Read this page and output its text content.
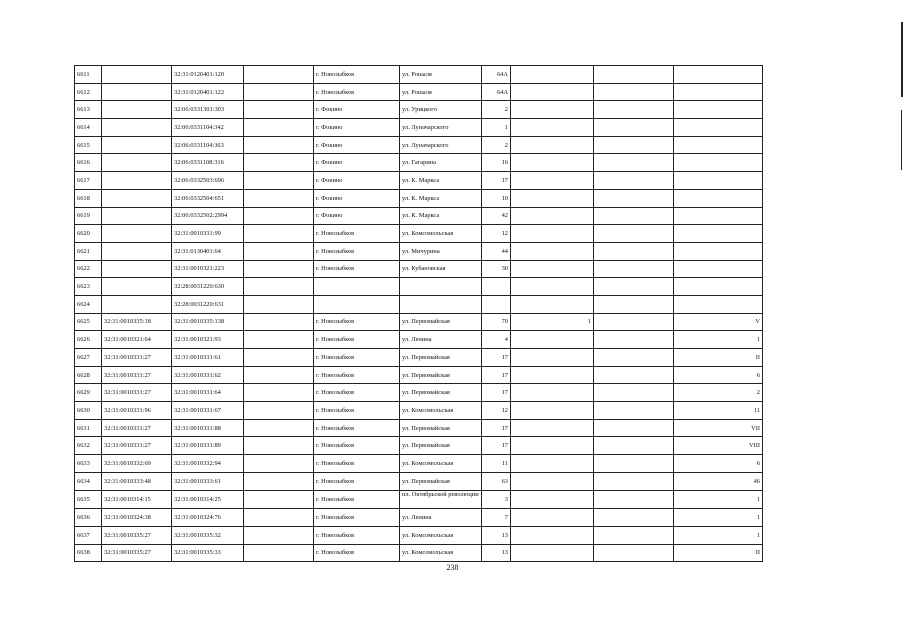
6611		32:31:0120401:120		г. Новозыбков	ул. Рошаля	64А			
6612		32:31:0120401:122		г. Новозыбков	ул. Рошаля	64А			
6613		32:06:0331301:303		г. Фокино	ул. Урицкого	2			
6614		32:06:0331104:342		г. Фокино	ул. Луначарского	1			
6615		32:06:0331104:363		г. Фокино	ул. Луначарского	2			
6616		32:06:0331108:316		г. Фокино	ул. Гагарина	16			
6617		32:06:0332503:696		г. Фокино	ул. К. Маркса	17			
6618		32:06:0332504:651		г. Фокино	ул. К. Маркса	10			
6619		32:06:0332502:2994		г. Фокино	ул. К. Маркса	42			
6620		32:31:0010331:99		г. Новозыбков	ул. Комсомольская	12			
6621		32:31:0130401:64		г. Новозыбков	ул. Мичурина	44			
6622		32:31:0010321:223		г. Новозыбков	ул. Кубановская	30			
6623		32:28:0031220:630							
6624		32:28:0031220:631							
6625	32:31:0010335:18	32:31:0010335:138		г. Новозыбков	ул. Первомайская	70	1		V
6626	32:31:0010321:64	32:31:0010321:93		г. Новозыбков	ул. Ленина	4			1
6627	32:31:0010331:27	32:31:0010331:61		г. Новозыбков	ул. Первомайская	17			II
6628	32:31:0010331:27	32:31:0010331:62		г. Новозыбков	ул. Первомайская	17			6
6629	32:31:0010331:27	32:31:0010331:64		г. Новозыбков	ул. Первомайская	17			2
6630	32:31:0010331:96	32:31:0010331:67		г. Новозыбков	ул. Комсомольская	12			11
6631	32:31:0010331:27	32:31:0010331:88		г. Новозыбков	ул. Первомайская	17			VII
6632	32:31:0010331:27	32:31:0010331:89		г. Новозыбков	ул. Первомайская	17			VIII
6633	32:31:0010332:69	32:31:0010332:94		г. Новозыбков	ул. Комсомольская	11			6
6634	32:31:0010333:48	32:31:0010333:61		г. Новозыбков	ул. Первомайская	63			46
6635	32:31:0010314:15	32:31:0010314:25		г. Новозыбков	пл. Октябрьской революции	3			1
6636	32:31:0010324:38	32:31:0010324:76		г. Новозыбков	ул. Ленина	7			1
6637	32:31:0010335:27	32:31:0010335:32		г. Новозыбков	ул. Комсомольская	13			1
6638	32:31:0010335:27	32:31:0010335:33		г. Новозыбков	ул. Комсомольская	13			II
238
